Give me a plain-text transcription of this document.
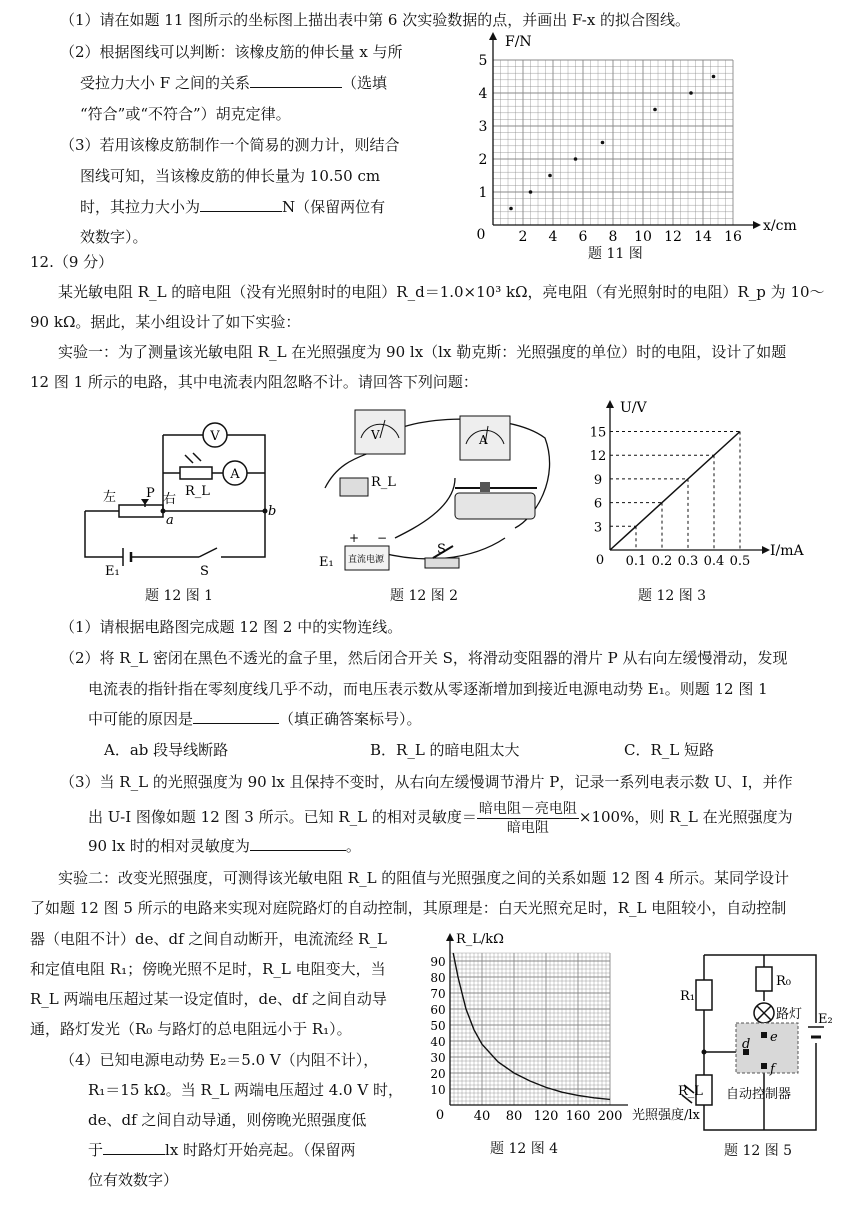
（1）请在如题 11 图所示的坐标图上描出表中第 6 次实验数据的点，并画出 F-x 的拟合图线。
（2）根据图线可以判断：该橡皮筋的伸长量 x 与所
受拉力大小 F 之间的关系	（选填
“符合”或“不符合”）胡克定律。
（3）若用该橡皮筋制作一个简易的测力计，则结合
图线可知，当该橡皮筋的伸长量为 10.50 cm
时，其拉力大小为	N（保留两位有
效数字）。
F/N
x/cm
0 2 4 6 8 10 12 14 16
1
2
3
4
5
题 11 图
12.（9 分）
某光敏电阻 R_L 的暗电阻（没有光照射时的电阻）R_d＝1.0×10³ kΩ，亮电阻（有光照射时的电阻）R_p 为 10～
90 kΩ。据此，某小组设计了如下实验：
实验一：为了测量该光敏电阻 R_L 在光照强度为 90 lx（lx 勒克斯：光照强度的单位）时的电阻，设计了如题
12 图 1 所示的电路，其中电流表内阻忽略不计。请回答下列问题：
V
A
R_L
左 P 右
a
b
E₁	S
题 12 图 1
V	A
R_L
直流电源
+ −
E₁
S
题 12 图 2
U/V
I/mA
0 0.1 0.2 0.3 0.4 0.5
3
6
9
12
15
题 12 图 3
（1）请根据电路图完成题 12 图 2 中的实物连线。
（2）将 R_L 密闭在黑色不透光的盒子里，然后闭合开关 S，将滑动变阻器的滑片 P 从右向左缓慢滑动，发现
电流表的指针指在零刻度线几乎不动，而电压表示数从零逐渐增加到接近电源电动势 E₁。则题 12 图 1
中可能的原因是	（填正确答案标号）。
A．ab 段导线断路	B．R_L 的暗电阻太大	C．R_L 短路
（3）当 R_L 的光照强度为 90 lx 且保持不变时，从右向左缓慢调节滑片 P，记录一系列电表示数 U、I，并作
出 U-I 图像如题 12 图 3 所示。已知 R_L 的相对灵敏度＝ $\frac{\text{暗电阻－亮电阻}}{\text{暗电阻}} \times 100\%$，则 R_L 在光照强度为
90 lx 时的相对灵敏度为	。
实验二：改变光照强度，可测得该光敏电阻 R_L 的阻值与光照强度之间的关系如题 12 图 4 所示。某同学设计
了如题 12 图 5 所示的电路来实现对庭院路灯的自动控制，其原理是：白天光照充足时，R_L 电阻较小，自动控制
器（电阻不计）de、df 之间自动断开，电流流经 R_L
和定值电阻 R₁；傍晚光照不足时，R_L 电阻变大，当
R_L 两端电压超过某一设定值时，de、df 之间自动导
通，路灯发光（R₀ 与路灯的总电阻远小于 R₁）。
（4）已知电源电动势 E₂＝5.0 V（内阻不计），
R₁＝15 kΩ。当 R_L 两端电压超过 4.0 V 时，
de、df 之间自动导通，则傍晚光照强度低
于	lx 时路灯开始亮起。（保留两
位有效数字）
R_L/kΩ
光照强度/lx
0 40 80 120 160 200
10
20
30
40
50
60
70
80
90
题 12 图 4
R₀
路灯
R₁
E₂
d e
f
R_L 自动控制器
题 12 图 5
